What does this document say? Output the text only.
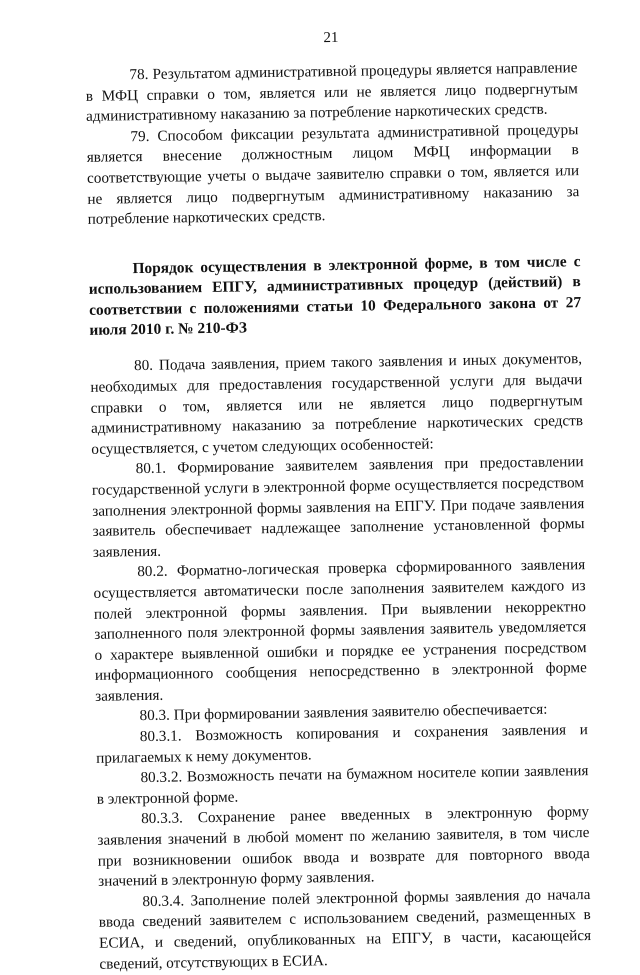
21

78. Результатом административной процедуры является направление в МФЦ справки о том, является или не является лицо подвергнутым административному наказанию за потребление наркотических средств.

79. Способом фиксации результата административной процедуры является внесение должностным лицом МФЦ информации в соответствующие учеты о выдаче заявителю справки о том, является или не является лицо подвергнутым административному наказанию за потребление наркотических средств.

Порядок осуществления в электронной форме, в том числе с использованием ЕПГУ, административных процедур (действий) в соответствии с положениями статьи 10 Федерального закона от 27 июля 2010 г. № 210-ФЗ

80. Подача заявления, прием такого заявления и иных документов, необходимых для предоставления государственной услуги для выдачи справки о том, является или не является лицо подвергнутым административному наказанию за потребление наркотических средств осуществляется, с учетом следующих особенностей:

80.1. Формирование заявителем заявления при предоставлении государственной услуги в электронной форме осуществляется посредством заполнения электронной формы заявления на ЕПГУ. При подаче заявления заявитель обеспечивает надлежащее заполнение установленной формы заявления.

80.2. Форматно-логическая проверка сформированного заявления осуществляется автоматически после заполнения заявителем каждого из полей электронной формы заявления. При выявлении некорректно заполненного поля электронной формы заявления заявитель уведомляется о характере выявленной ошибки и порядке ее устранения посредством информационного сообщения непосредственно в электронной форме заявления.

80.3. При формировании заявления заявителю обеспечивается:

80.3.1. Возможность копирования и сохранения заявления и прилагаемых к нему документов.

80.3.2. Возможность печати на бумажном носителе копии заявления в электронной форме.

80.3.3. Сохранение ранее введенных в электронную форму заявления значений в любой момент по желанию заявителя, в том числе при возникновении ошибок ввода и возврате для повторного ввода значений в электронную форму заявления.

80.3.4. Заполнение полей электронной формы заявления до начала ввода сведений заявителем с использованием сведений, размещенных в ЕСИА, и сведений, опубликованных на ЕПГУ, в части, касающейся сведений, отсутствующих в ЕСИА.
